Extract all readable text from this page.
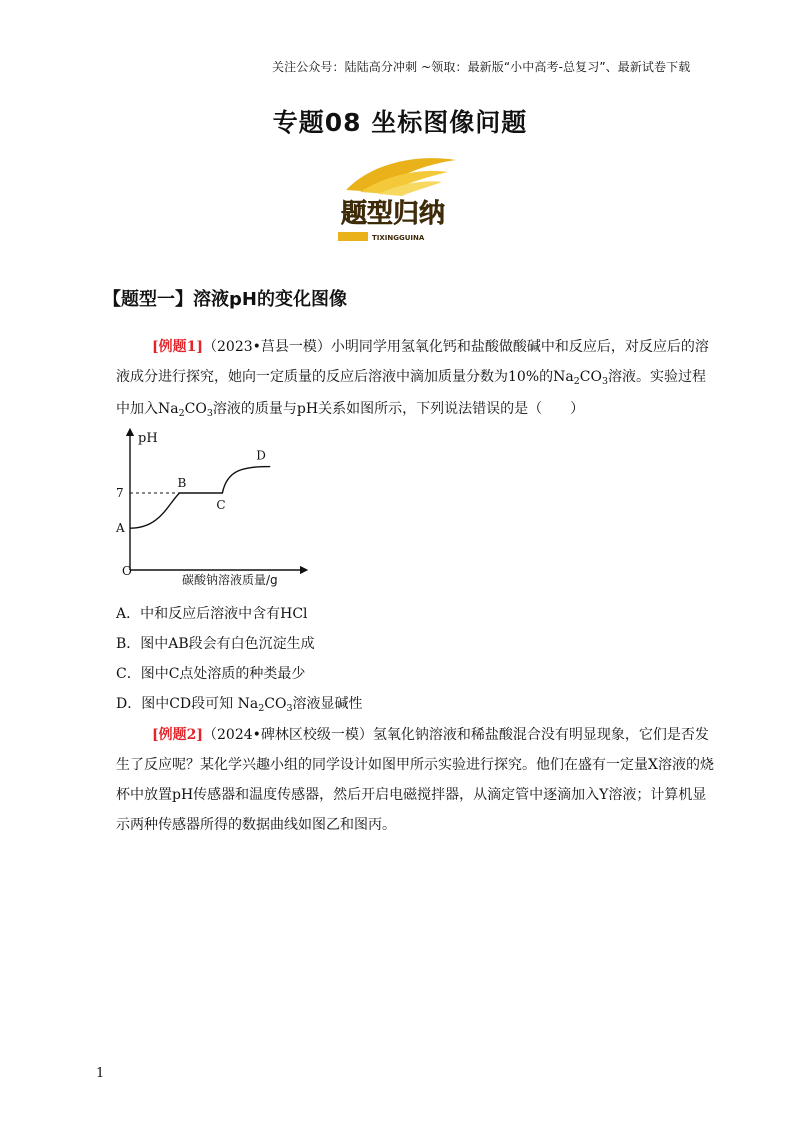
关注公众号：陆陆高分冲刺 ~领取：最新版“小中高考-总复习”、最新试卷下载
专题08 坐标图像问题
题型归纳
TIXINGGUINA
【题型一】溶液pH的变化图像
[例题1]（2023•莒县一模）小明同学用氢氧化钙和盐酸做酸碱中和反应后，对反应后的溶液成分进行探究，她向一定质量的反应后溶液中滴加质量分数为10%的$Na_2CO_3$溶液。实验过程中加入$Na_2CO_3$溶液的质量与pH关系如图所示，下列说法错误的是（　　）
pH
O
7
A
B
C
D
碳酸钠溶液质量/g
A．中和反应后溶液中含有HCl
B．图中AB段会有白色沉淀生成
C．图中C点处溶质的种类最少
D．图中CD段可知 $Na_2CO_3$溶液显碱性
[例题2]（2024•碑林区校级一模）氢氧化钠溶液和稀盐酸混合没有明显现象，它们是否发生了反应呢？某化学兴趣小组的同学设计如图甲所示实验进行探究。他们在盛有一定量X溶液的烧杯中放置pH传感器和温度传感器，然后开启电磁搅拌器，从滴定管中逐滴加入Y溶液；计算机显示两种传感器所得的数据曲线如图乙和图丙。
1
